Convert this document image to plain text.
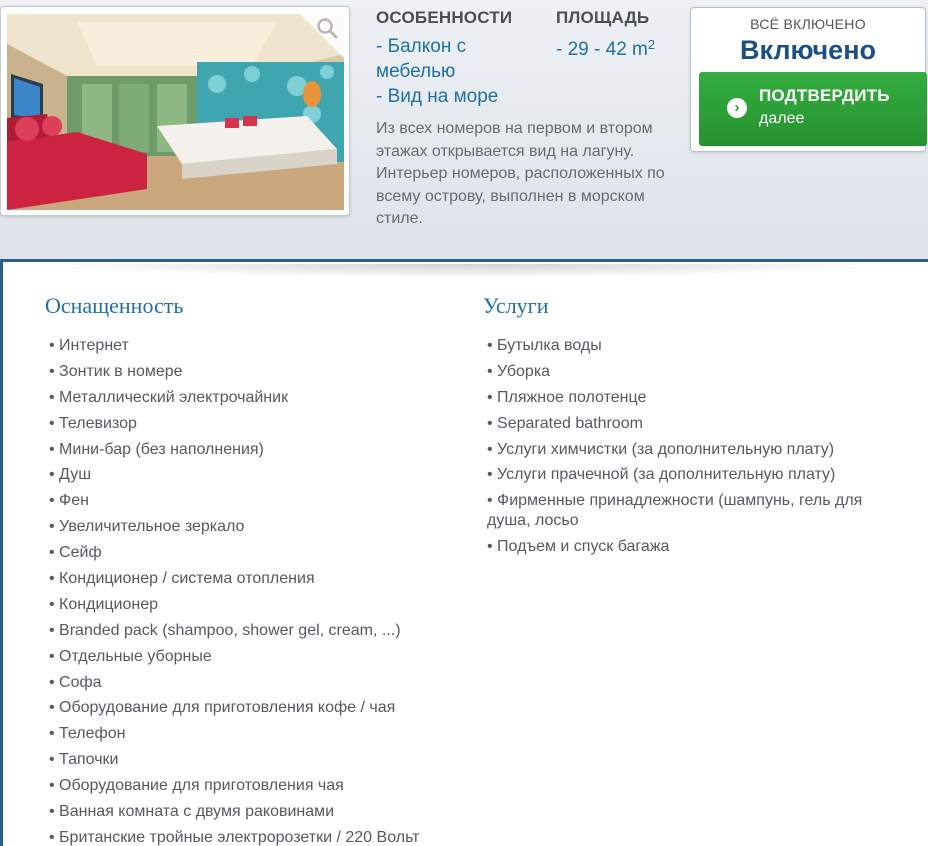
ОСОБЕННОСТИ
- Балкон с мебелью
- Вид на море
ПЛОЩАДЬ
- 29 - 42 $m^2$
Из всех номеров на первом и втором этажах открывается вид на лагуну. Интерьер номеров, расположенных по всему острову, выполнен в морском стиле.
ВСЁ ВКЛЮЧЕНО
Включено
›
ПОДТВЕРДИТЬ
далее
Оснащенность
• Интернет
• Зонтик в номере
• Металлический электрочайник
• Телевизор
• Мини-бар (без наполнения)
• Душ
• Фен
• Увеличительное зеркало
• Сейф
• Кондиционер / система отопления
• Кондиционер
• Branded pack (shampoo, shower gel, cream, ...)
• Отдельные уборные
• Софа
• Оборудование для приготовления кофе / чая
• Телефон
• Тапочки
• Оборудование для приготовления чая
• Ванная комната с двумя раковинами
• Британские тройные электророзетки / 220 Вольт
Услуги
• Бутылка воды
• Уборка
• Пляжное полотенце
• Separated bathroom
• Услуги химчистки (за дополнительную плату)
• Услуги прачечной (за дополнительную плату)
• Фирменные принадлежности (шампунь, гель для душа, лосьо
• Подъем и спуск багажа
